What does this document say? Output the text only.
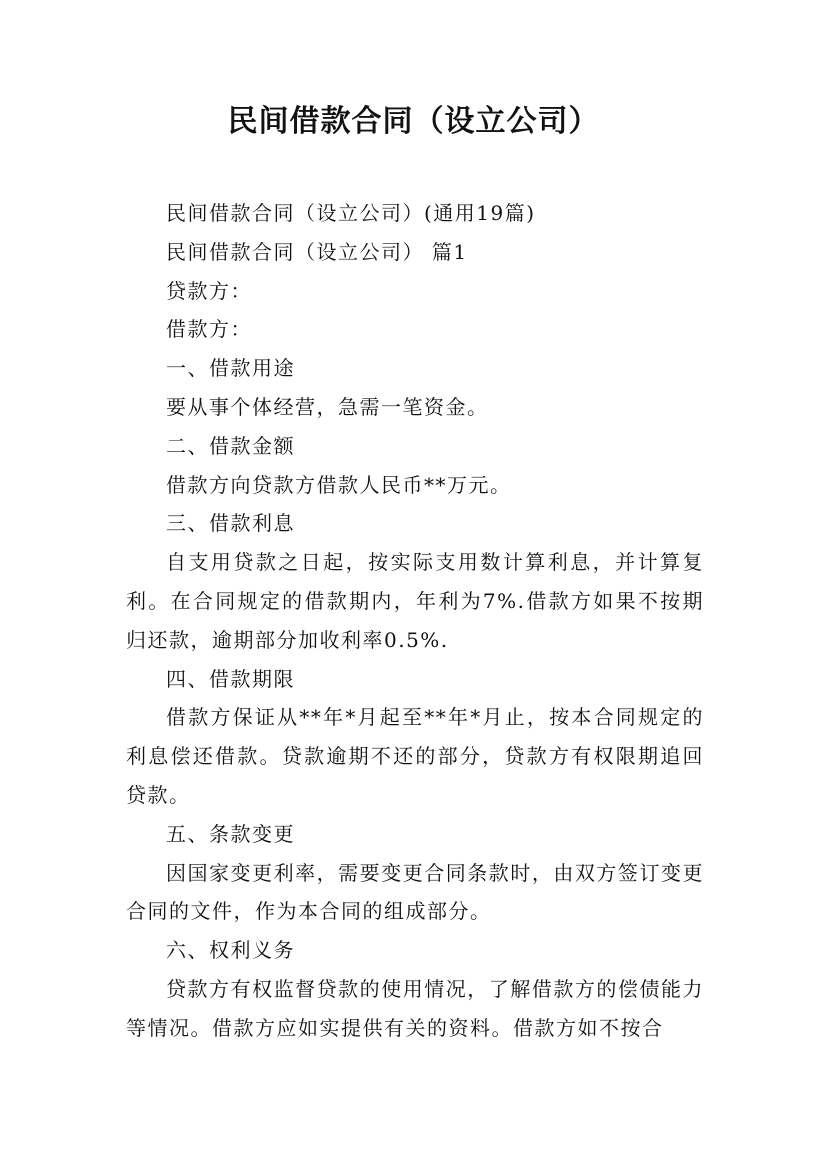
民间借款合同（设立公司）

民间借款合同（设立公司）(通用19篇)

民间借款合同（设立公司） 篇1

贷款方：

借款方：

一、借款用途

要从事个体经营，急需一笔资金。

二、借款金额

借款方向贷款方借款人民币**万元。

三、借款利息

自支用贷款之日起，按实际支用数计算利息，并计算复利。在合同规定的借款期内，年利为7%.借款方如果不按期归还款，逾期部分加收利率0.5%.

四、借款期限

借款方保证从**年*月起至**年*月止，按本合同规定的利息偿还借款。贷款逾期不还的部分，贷款方有权限期追回贷款。

五、条款变更

因国家变更利率，需要变更合同条款时，由双方签订变更合同的文件，作为本合同的组成部分。

六、权利义务

贷款方有权监督贷款的使用情况，了解借款方的偿债能力等情况。借款方应如实提供有关的资料。借款方如不按合
